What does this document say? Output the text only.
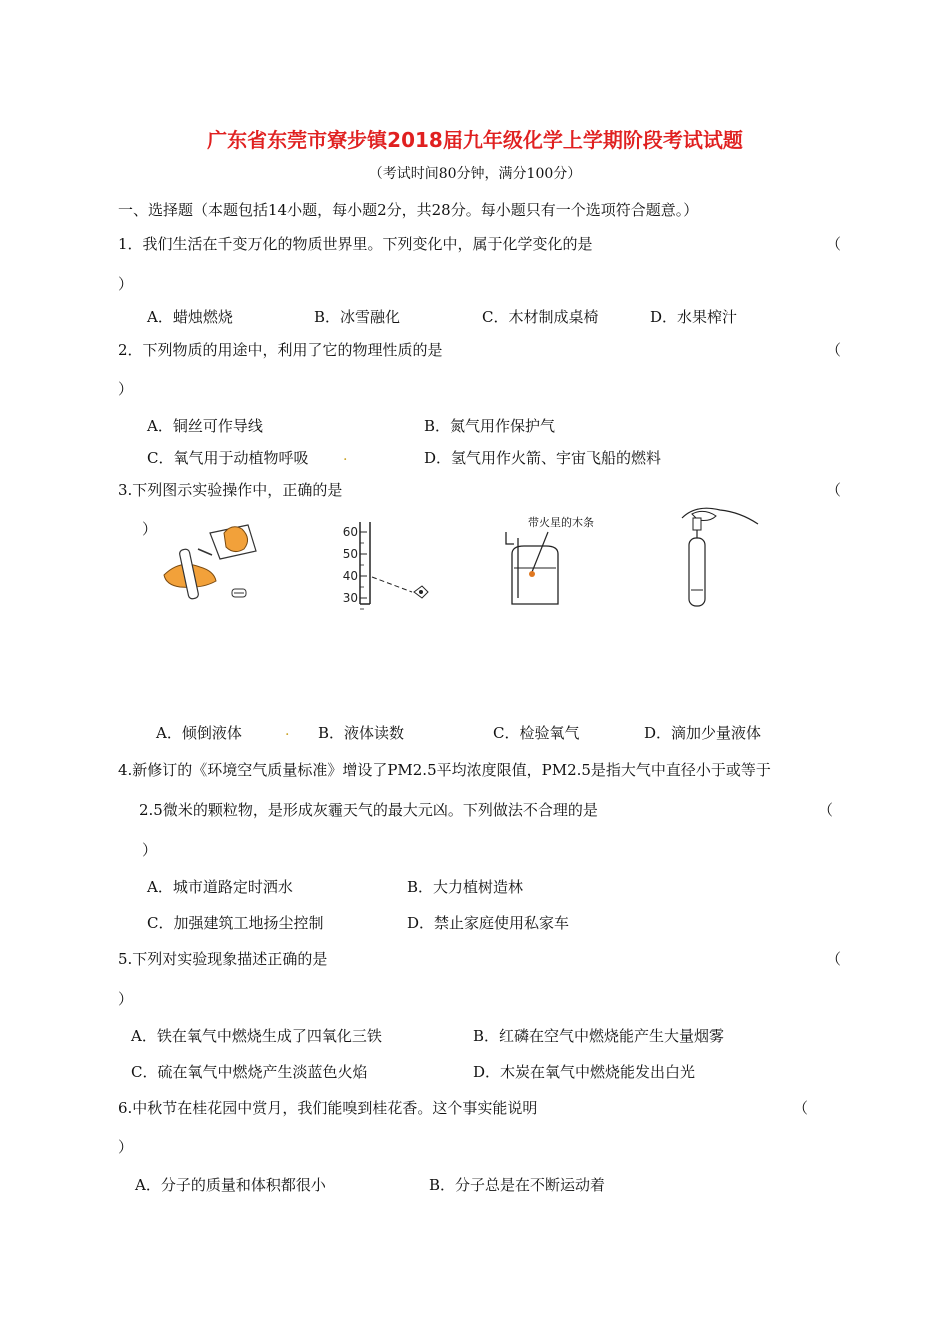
广东省东莞市寮步镇2018届九年级化学上学期阶段考试试题
（考试时间80分钟，满分100分）
一、选择题（本题包括14小题，每小题2分，共28分。每小题只有一个选项符合题意。）
1．我们生活在千变万化的物质世界里。下列变化中，属于化学变化的是	（
）
A．蜡烛燃烧	B．冰雪融化	C．木材制成桌椅	D．水果榨汁
2．下列物质的用途中，利用了它的物理性质的是	（
）
A．铜丝可作导线	B．氮气用作保护气
C．氧气用于动植物呼吸 .	D．氢气用作火箭、宇宙飞船的燃料
3.下列图示实验操作中，正确的是	（
）	60
50
40
30
带火星的木条
A．倾倒液体	. B．液体读数	C．检验氧气	D．滴加少量液体
4.新修订的《环境空气质量标准》增设了PM2.5平均浓度限值，PM2.5是指大气中直径小于或等于
2.5微米的颗粒物，是形成灰霾天气的最大元凶。下列做法不合理的是	（
）
A．城市道路定时洒水	B．大力植树造林
C．加强建筑工地扬尘控制	D．禁止家庭使用私家车
5.下列对实验现象描述正确的是	（
）
A．铁在氧气中燃烧生成了四氧化三铁	B．红磷在空气中燃烧能产生大量烟雾
C．硫在氧气中燃烧产生淡蓝色火焰	D．木炭在氧气中燃烧能发出白光
6.中秋节在桂花园中赏月，我们能嗅到桂花香。这个事实能说明	（
）
A．分子的质量和体积都很小	B．分子总是在不断运动着
